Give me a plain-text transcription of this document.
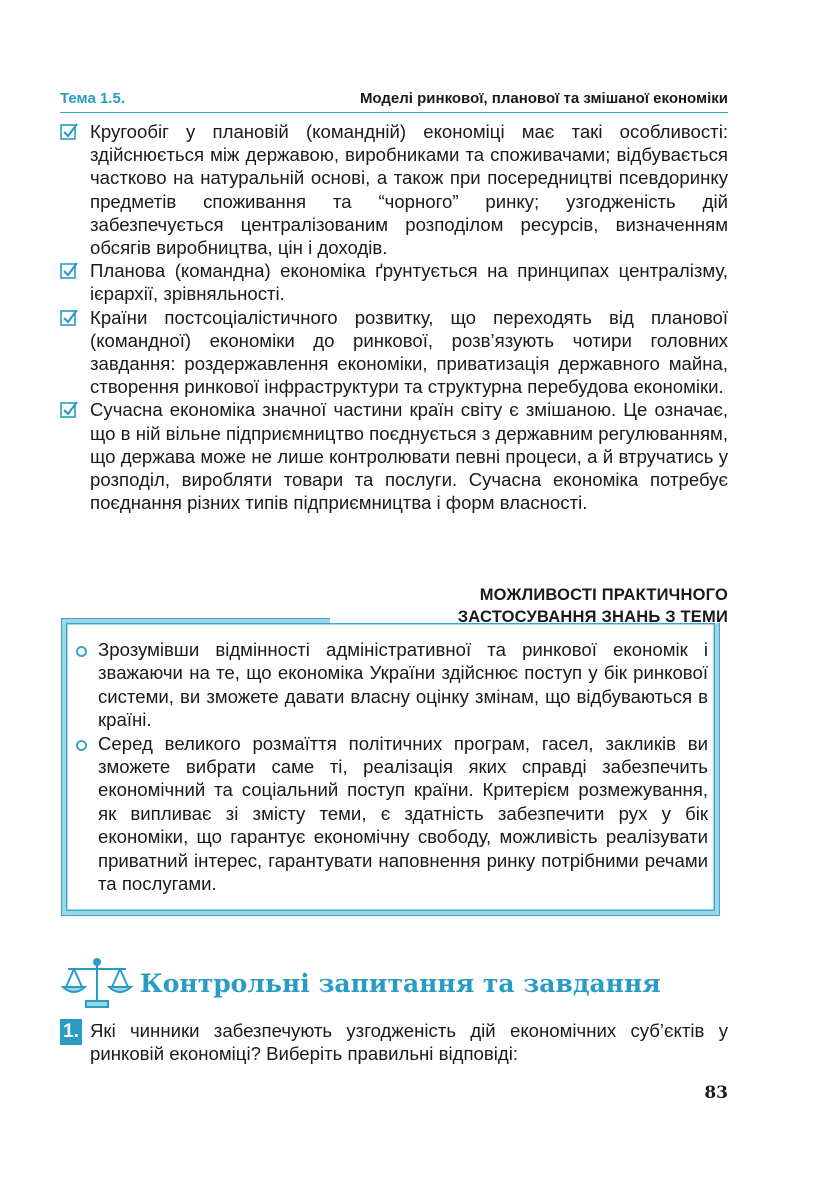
Тема 1.5.	Моделі ринкової, планової та змішаної економіки
Кругообіг у плановій (командній) економіці має такі особливості: здійснюється між державою, виробниками та споживачами; відбувається частково на натуральній основі, а також при посередництві псевдоринку предметів споживання та “чорного” ринку; узгодженість дій забезпечується централізованим розподілом ресурсів, визначенням обсягів виробництва, цін і доходів.
Планова (командна) економіка ґрунтується на принципах централізму, ієрархії, зрівняльності.
Країни постсоціалістичного розвитку, що переходять від планової (командної) економіки до ринкової, розв’язують чотири головних завдання: роздержавлення економіки, приватизація державного майна, створення ринкової інфраструктури та структурна перебудова економіки.
Сучасна економіка значної частини країн світу є змішаною. Це означає, що в ній вільне підприємництво поєднується з державним регулюванням, що держава може не лише контролювати певні процеси, а й втручатись у розподіл, виробляти товари та послуги. Сучасна економіка потребує поєднання різних типів підприємництва і форм власності.
МОЖЛИВОСТІ ПРАКТИЧНОГО
ЗАСТОСУВАННЯ ЗНАНЬ З ТЕМИ
Зрозумівши відмінності адміністративної та ринкової економік і зважаючи на те, що економіка України здійснює поступ у бік ринкової системи, ви зможете давати власну оцінку змінам, що відбуваються в країні.
Серед великого розмаїття політичних програм, гасел, закликів ви зможете вибрати саме ті, реалізація яких справді забезпечить економічний та соціальний поступ країни. Критерієм розмежування, як випливає зі змісту теми, є здатність забезпечити рух у бік економіки, що гарантує економічну свободу, можливість реалізувати приватний інтерес, гарантувати наповнення ринку потрібними речами та послугами.
Контрольні запитання та завдання
1. Які чинники забезпечують узгодженість дій економічних суб’єктів у ринковій економіці? Виберіть правильні відповіді:
83
